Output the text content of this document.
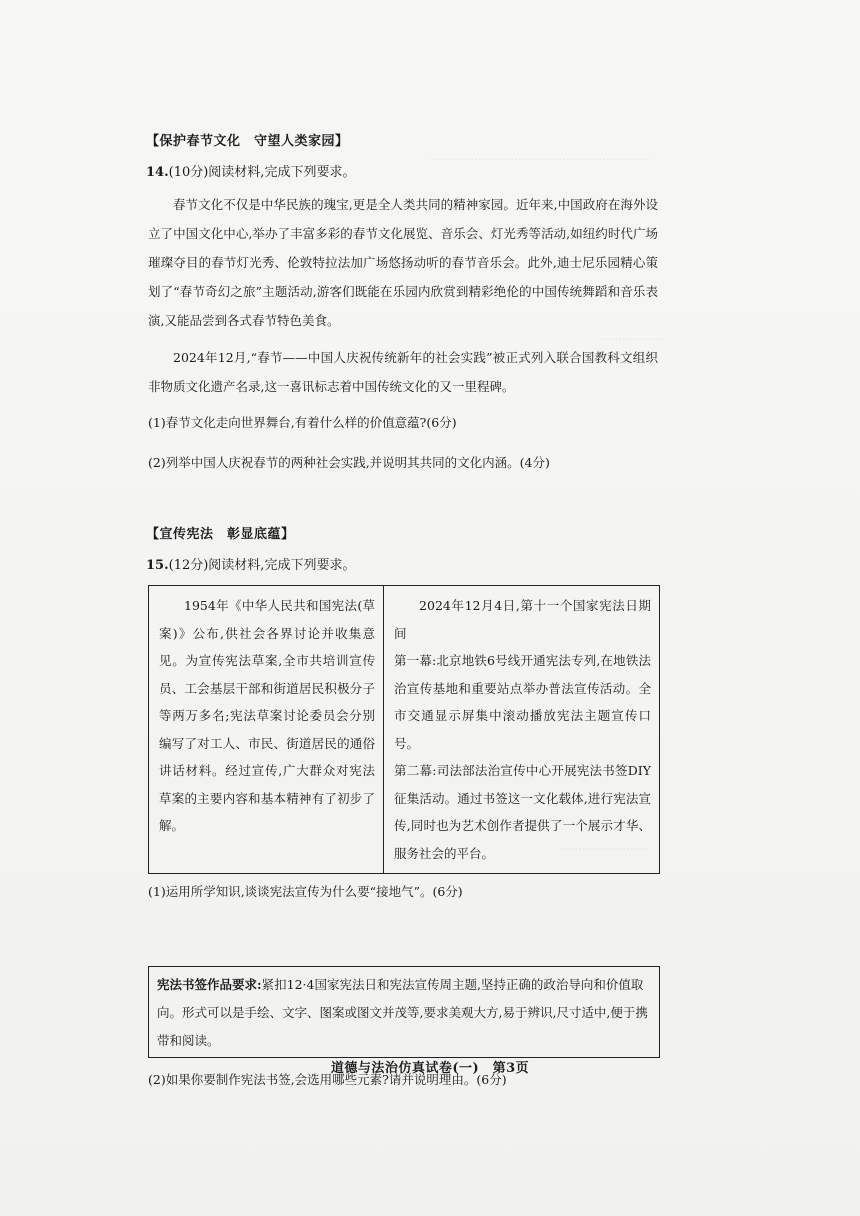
……………………………………………………
………………
……………………
【保护春节文化　守望人类家园】
14.(10分)阅读材料,完成下列要求。

春节文化不仅是中华民族的瑰宝,更是全人类共同的精神家园。近年来,中国政府在海外设立了中国文化中心,举办了丰富多彩的春节文化展览、音乐会、灯光秀等活动,如纽约时代广场璀璨夺目的春节灯光秀、伦敦特拉法加广场悠扬动听的春节音乐会。此外,迪士尼乐园精心策划了“春节奇幻之旅”主题活动,游客们既能在乐园内欣赏到精彩绝伦的中国传统舞蹈和音乐表演,又能品尝到各式春节特色美食。

2024年12月,“春节——中国人庆祝传统新年的社会实践”被正式列入联合国教科文组织非物质文化遗产名录,这一喜讯标志着中国传统文化的又一里程碑。

(1)春节文化走向世界舞台,有着什么样的价值意蕴?(6分)
(2)列举中国人庆祝春节的两种社会实践,并说明其共同的文化内涵。(4分)
【宣传宪法　彰显底蕴】
15.(12分)阅读材料,完成下列要求。

1954年《中华人民共和国宪法(草案)》公布,供社会各界讨论并收集意见。为宣传宪法草案,全市共培训宣传员、工会基层干部和街道居民积极分子等两万多名;宪法草案讨论委员会分别编写了对工人、市民、街道居民的通俗讲话材料。经过宣传,广大群众对宪法草案的主要内容和基本精神有了初步了解。

2024年12月4日,第十一个国家宪法日期间

第一幕:北京地铁6号线开通宪法专列,在地铁法治宣传基地和重要站点举办普法宣传活动。全市交通显示屏集中滚动播放宪法主题宣传口号。

第二幕:司法部法治宣传中心开展宪法书签DIY征集活动。通过书签这一文化载体,进行宪法宣传,同时也为艺术创作者提供了一个展示才华、服务社会的平台。

(1)运用所学知识,谈谈宪法宣传为什么要“接地气”。(6分)
宪法书签作品要求:紧扣12·4国家宪法日和宪法宣传周主题,坚持正确的政治导向和价值取向。形式可以是手绘、文字、图案或图文并茂等,要求美观大方,易于辨识,尺寸适中,便于携带和阅读。
(2)如果你要制作宪法书签,会选用哪些元素?请并说明理由。(6分)
道德与法治仿真试卷(一)　第3页
